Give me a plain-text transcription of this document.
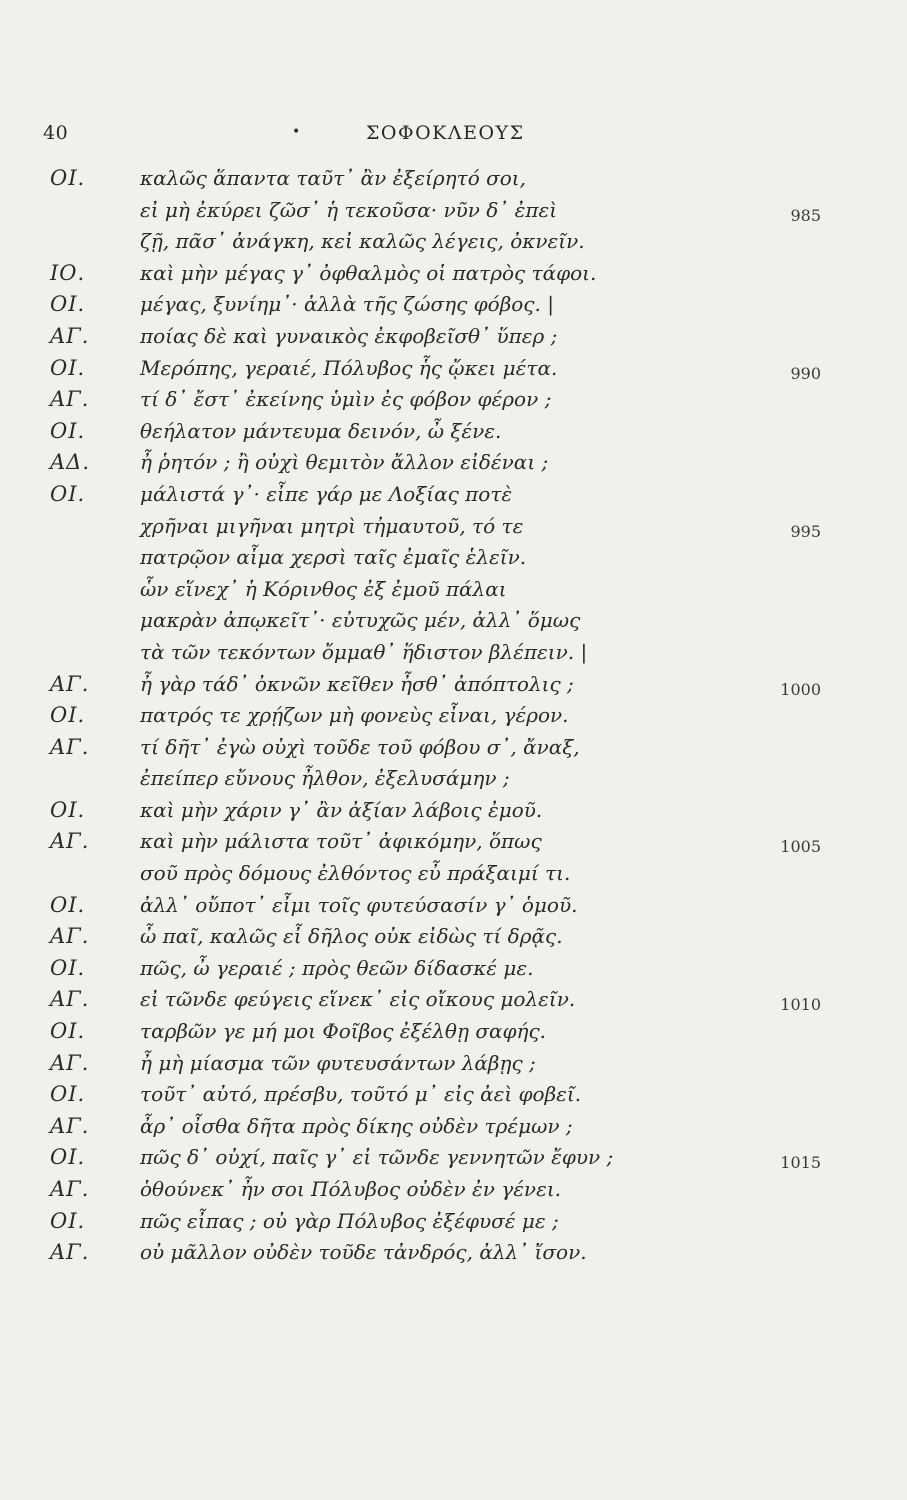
40	•	ΣΟΦΟΚΛΕΟΥΣ
ΟΙ.	καλῶς ἅπαντα ταῦτ᾽ ἂν ἐξείρητό σοι,
εἰ μὴ ἐκύρει ζῶσ᾽ ἡ τεκοῦσα· νῦν δ᾽ ἐπεὶ	985
ζῇ, πᾶσ᾽ ἀνάγκη, κεἰ καλῶς λέγεις, ὀκνεῖν.
ΙΟ.	καὶ μὴν μέγας γ᾽ ὀφθαλμὸς οἱ πατρὸς τάφοι.
ΟΙ.	μέγας, ξυνίημ᾽· ἀλλὰ τῆς ζώσης φόβος. |
ΑΓ.	ποίας δὲ καὶ γυναικὸς ἐκφοβεῖσθ᾽ ὕπερ ;
ΟΙ.	Μερόπης, γεραιέ, Πόλυβος ἧς ᾤκει μέτα.	990
ΑΓ.	τί δ᾽ ἔστ᾽ ἐκείνης ὑμὶν ἐς φόβον φέρον ;
ΟΙ.	θεήλατον μάντευμα δεινόν, ὦ ξένε.
ΑΔ. ἦ ῥητόν ; ἢ οὐχὶ θεμιτὸν ἄλλον εἰδέναι ;
ΟΙ.	μάλιστά γ᾽· εἶπε γάρ με Λοξίας ποτὲ
χρῆναι μιγῆναι μητρὶ τἠμαυτοῦ, τό τε	995
πατρῷον αἷμα χερσὶ ταῖς ἐμαῖς ἑλεῖν.
ὧν εἵνεχ᾽ ἡ Κόρινθος ἐξ ἐμοῦ πάλαι
μακρὰν ἀπῳκεῖτ᾽· εὐτυχῶς μέν, ἀλλ᾽ ὅμως
τὰ τῶν τεκόντων ὄμμαθ᾽ ἥδιστον βλέπειν. |
ΑΓ.	ἦ γὰρ τάδ᾽ ὀκνῶν κεῖθεν ἦσθ᾽ ἀπόπτολις ;	1000
ΟΙ.	πατρός τε χρῄζων μὴ φονεὺς εἶναι, γέρον.
ΑΓ.	τί δῆτ᾽ ἐγὼ οὐχὶ τοῦδε τοῦ φόβου σ᾽, ἄναξ,
ἐπείπερ εὔνους ἦλθον, ἐξελυσάμην ;
ΟΙ.	καὶ μὴν χάριν γ᾽ ἂν ἀξίαν λάβοις ἐμοῦ.
ΑΓ.	καὶ μὴν μάλιστα τοῦτ᾽ ἀφικόμην, ὅπως	1005
σοῦ πρὸς δόμους ἐλθόντος εὖ πράξαιμί τι.
ΟΙ.	ἀλλ᾽ οὔποτ᾽ εἶμι τοῖς φυτεύσασίν γ᾽ ὁμοῦ.
ΑΓ.	ὦ παῖ, καλῶς εἶ δῆλος οὐκ εἰδὼς τί δρᾷς.
ΟΙ.	πῶς, ὦ γεραιέ ; πρὸς θεῶν δίδασκέ με.
ΑΓ.	εἰ τῶνδε φεύγεις εἵνεκ᾽ εἰς οἴκους μολεῖν.	1010
ΟΙ.	ταρβῶν γε μή μοι Φοῖβος ἐξέλθῃ σαφής.
ΑΓ.	ἦ μὴ μίασμα τῶν φυτευσάντων λάβῃς ;
ΟΙ.	τοῦτ᾽ αὐτό, πρέσβυ, τοῦτό μ᾽ εἰς ἀεὶ φοβεῖ.
ΑΓ.	ἆρ᾽ οἶσθα δῆτα πρὸς δίκης οὐδὲν τρέμων ;
ΟΙ.	πῶς δ᾽ οὐχί, παῖς γ᾽ εἰ τῶνδε γεννητῶν ἔφυν ;	1015
ΑΓ.	ὁθούνεκ᾽ ἦν σοι Πόλυβος οὐδὲν ἐν γένει.
ΟΙ.	πῶς εἶπας ; οὐ γὰρ Πόλυβος ἐξέφυσέ με ;
ΑΓ.	οὐ μᾶλλον οὐδὲν τοῦδε τἀνδρός, ἀλλ᾽ ἴσον.
